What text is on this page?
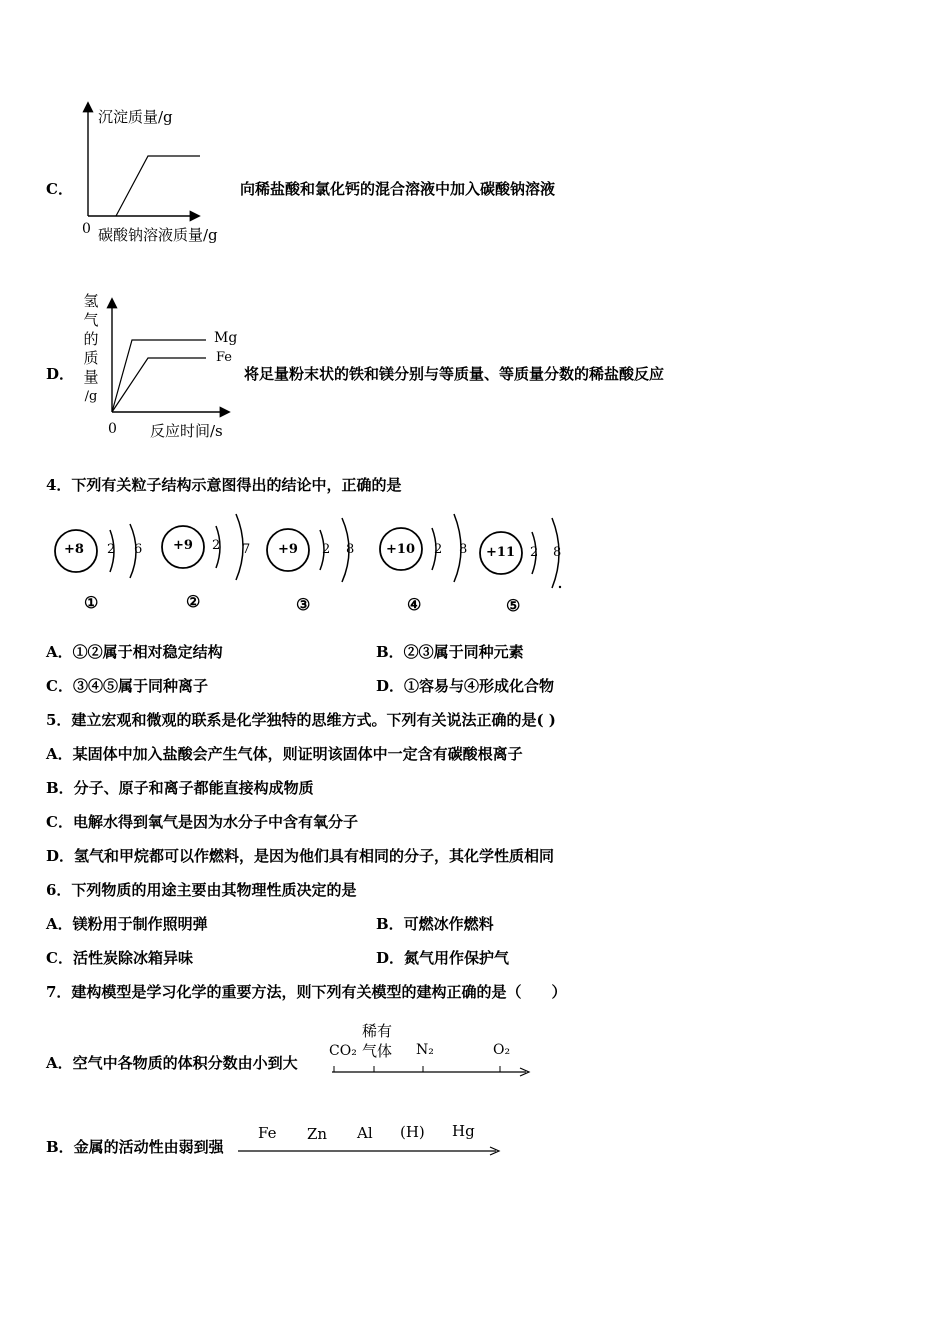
C．
沉淀质量/g
0 碳酸钠溶液质量/g
向稀盐酸和氯化钙的混合溶液中加入碳酸钠溶液
D．
氢
气
的
质
量
/g
Mg
Fe
0 反应时间/s
将足量粉末状的铁和镁分别与等质量、等质量分数的稀盐酸反应
4．下列有关粒子结构示意图得出的结论中，正确的是
+8 2 6
①
+9 2 7
②
+9 2 8
③
+10 2 8
④
+11 2 8
⑤
A．①②属于相对稳定结构	B．②③属于同种元素
C．③④⑤属于同种离子	D．①容易与④形成化合物
5．建立宏观和微观的联系是化学独特的思维方式。下列有关说法正确的是( )
A．某固体中加入盐酸会产生气体，则证明该固体中一定含有碳酸根离子
B．分子、原子和离子都能直接构成物质
C．电解水得到氧气是因为水分子中含有氧分子
D．氢气和甲烷都可以作燃料，是因为他们具有相同的分子，其化学性质相同
6．下列物质的用途主要由其物理性质决定的是
A．镁粉用于制作照明弹	B．可燃冰作燃料
C．活性炭除冰箱异味	D．氮气用作保护气
7．建构模型是学习化学的重要方法，则下列有关模型的建构正确的是（　　）
A．空气中各物质的体积分数由小到大
CO₂
稀有
气体 N₂	O₂
B．金属的活动性由弱到强
Fe Zn Al (H) Hg
